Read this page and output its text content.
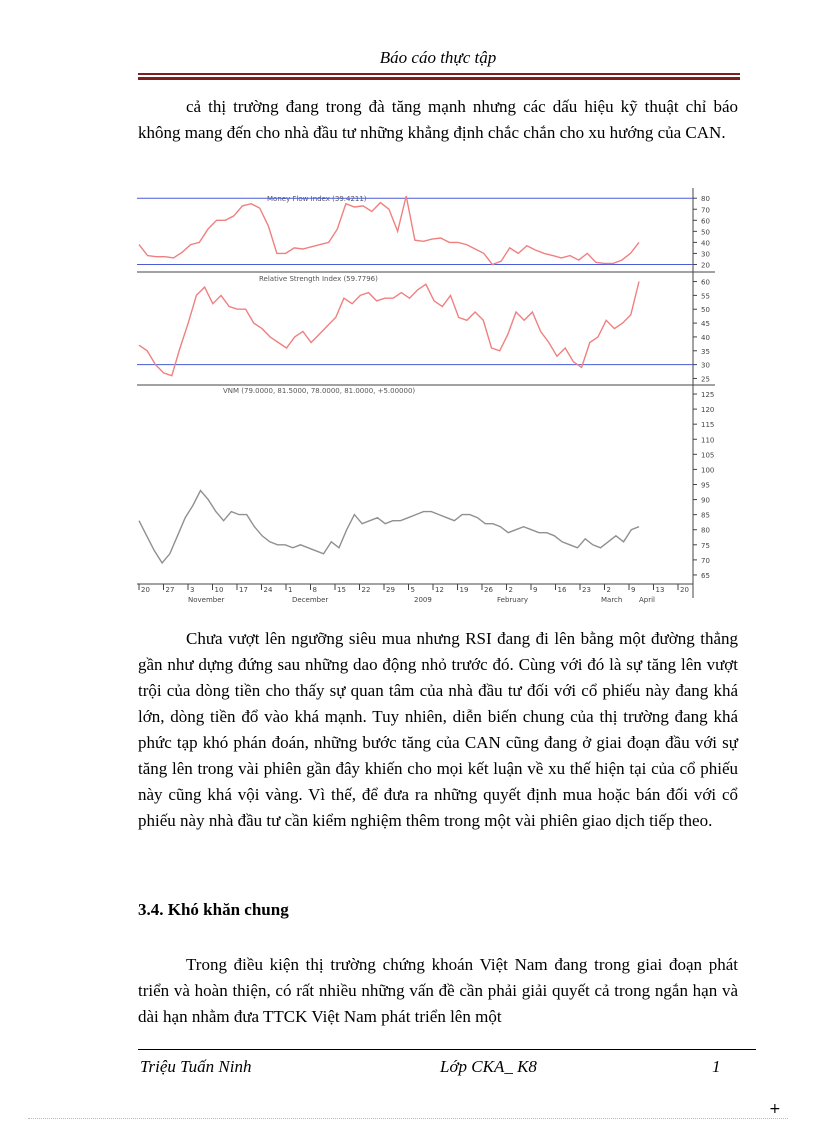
Báo cáo thực tập
cả thị trường đang trong đà tăng mạnh nhưng các dấu hiệu kỹ thuật chỉ báo không mang đến cho nhà đầu tư những khẳng định chắc chắn cho xu hướng của CAN.
Money Flow Index (39.4211)
20
30
40
50
60
70
80
Relative Strength Index (59.7796)
25
30
35
40
45
50
55
60
VNM (79.0000, 81.5000, 78.0000, 81.0000, +5.00000)
65
70
75
80
85
90
95
100
105
110
115
120
125
20 27 3	10 17 24 1	8	15 22 29 5	12 19 26 2	9	16 23 2	9	13 20
November	December	2009	February	March April
Chưa vượt lên ngưỡng siêu mua nhưng RSI đang đi lên bằng một đường thẳng gần như dựng đứng sau những dao động nhỏ trước đó. Cùng với đó là sự tăng lên vượt trội của dòng tiền cho thấy sự quan tâm của nhà đầu tư đối với cổ phiếu này đang khá lớn, dòng tiền đổ vào khá mạnh. Tuy nhiên, diễn biến chung của thị trường đang khá phức tạp khó phán đoán, những bước tăng của CAN cũng đang ở giai đoạn đầu với sự tăng lên trong vài phiên gần đây khiến cho mọi kết luận về xu thế hiện tại của cổ phiếu này cũng khá vội vàng. Vì thế, để đưa ra những quyết định mua hoặc bán đối với cổ phiếu này nhà đầu tư cần kiểm nghiệm thêm trong một vài phiên giao dịch tiếp theo.
3.4. Khó khăn chung
Trong điều kiện thị trường chứng khoán Việt Nam đang trong giai đoạn phát triển và hoàn thiện, có rất nhiều những vấn đề cần phải giải quyết cả trong ngắn hạn và dài hạn nhằm đưa TTCK Việt Nam phát triển lên một
Triệu Tuấn Ninh	Lớp CKA_ K8	1
+
